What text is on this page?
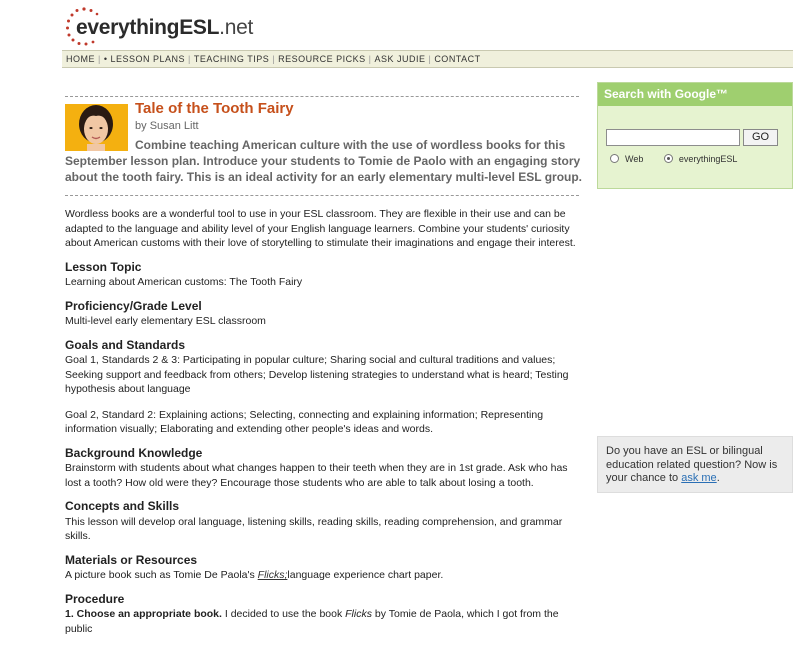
everythingESL.net
HOME | • LESSON PLANS | TEACHING TIPS | RESOURCE PICKS | ASK JUDIE | CONTACT
Tale of the Tooth Fairy
by Susan Litt
Combine teaching American culture with the use of wordless books for this September lesson plan. Introduce your students to Tomie de Paolo with an engaging story about the tooth fairy. This is an ideal activity for an early elementary multi-level ESL group.

Wordless books are a wonderful tool to use in your ESL classroom. They are flexible in their use and can be adapted to the language and ability level of your English language learners. Combine your students' curiosity about American customs with their love of storytelling to stimulate their imaginations and engage their interest.

Lesson Topic

Learning about American customs: The Tooth Fairy

Proficiency/Grade Level

Multi-level early elementary ESL classroom

Goals and Standards

Goal 1, Standards 2 & 3: Participating in popular culture; Sharing social and cultural traditions and values; Seeking support and feedback from others; Develop listening strategies to understand what is heard; Testing hypothesis about language

Goal 2, Standard 2: Explaining actions; Selecting, connecting and explaining information; Representing information visually; Elaborating and extending other people's ideas and words.

Background Knowledge

Brainstorm with students about what changes happen to their teeth when they are in 1st grade. Ask who has lost a tooth? How old were they? Encourage those students who are able to talk about losing a tooth.

Concepts and Skills

This lesson will develop oral language, listening skills, reading skills, reading comprehension, and grammar skills.

Materials or Resources

A picture book such as Tomie De Paola's Flicks;language experience chart paper.

Procedure

1. Choose an appropriate book. I decided to use the book Flicks by Tomie de Paola, which I got from the public

Search with Google™
GO
Web	everythingESL
Do you have an ESL or bilingual education related question? Now is your chance to ask me.
